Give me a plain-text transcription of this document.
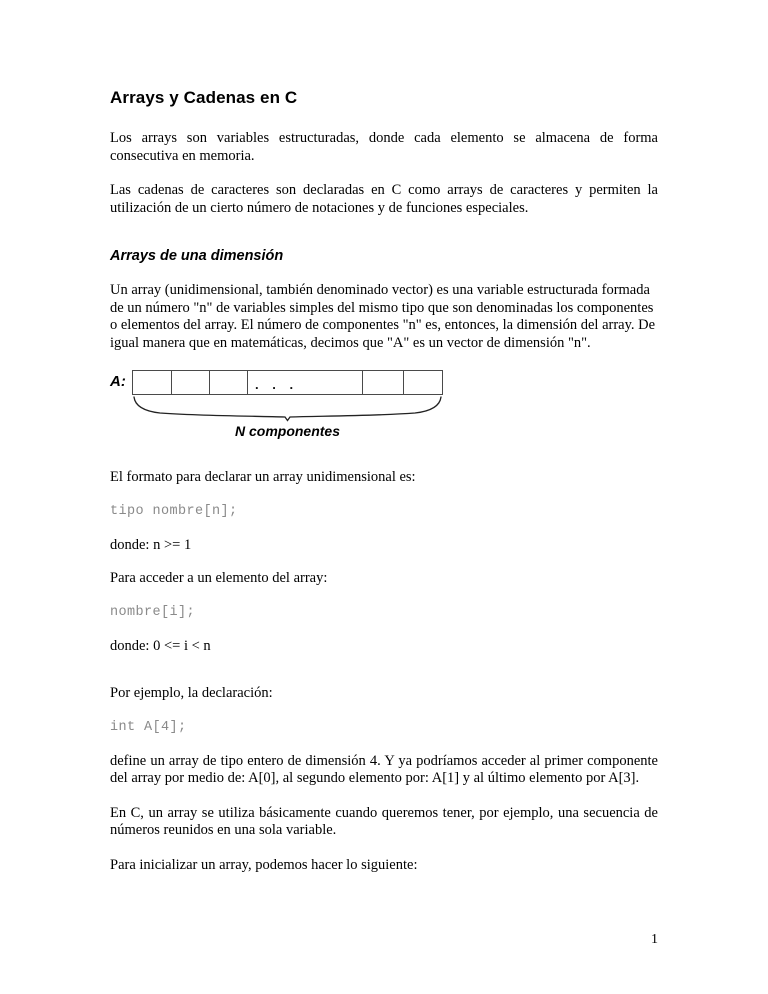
Arrays y Cadenas en C

Los arrays son variables estructuradas, donde cada elemento se almacena de forma consecutiva en memoria.

Las cadenas de caracteres son declaradas en C como arrays de caracteres y permiten la utilización de un cierto número de notaciones y de funciones especiales.

Arrays de una dimensión

Un array (unidimensional, también denominado vector) es una variable estructurada formada de un número "n" de variables simples del mismo tipo que son denominadas los componentes o elementos del array. El número de componentes "n" es, entonces, la dimensión del array. De igual manera que en matemáticas, decimos que "A" es un vector de dimensión "n".

A:	. . .
N componentes

El formato para declarar un array unidimensional es:

tipo nombre[n];

donde: n >= 1

Para acceder a un elemento del array:

nombre[i];

donde: 0 <= i < n

Por ejemplo, la declaración:

int A[4];

define un array de tipo entero de dimensión 4. Y ya podríamos acceder al primer componente del array por medio de: A[0], al segundo elemento por: A[1] y al último elemento por A[3].

En C, un array se utiliza básicamente cuando queremos tener, por ejemplo, una secuencia de números reunidos en una sola variable.

Para inicializar un array, podemos hacer lo siguiente:

1
